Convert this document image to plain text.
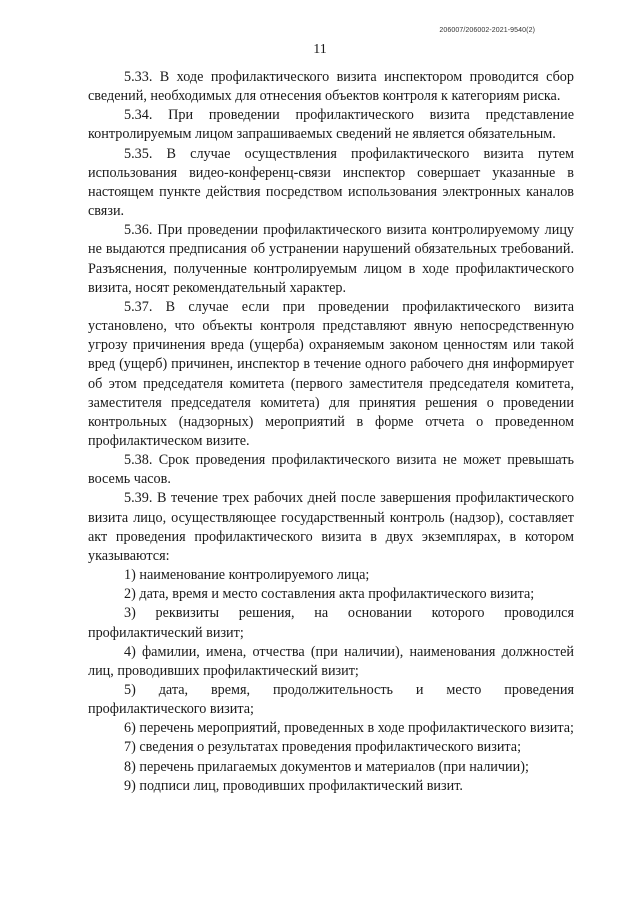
206007/206002-2021-9540(2)
11

5.33. В ходе профилактического визита инспектором проводится сбор сведений, необходимых для отнесения объектов контроля к категориям риска.

5.34. При проведении профилактического визита представление контролируемым лицом запрашиваемых сведений не является обязательным.

5.35. В случае осуществления профилактического визита путем использования видео-конференц-связи инспектор совершает указанные в настоящем пункте действия посредством использования электронных каналов связи.

5.36. При проведении профилактического визита контролируемому лицу не выдаются предписания об устранении нарушений обязательных требований. Разъяснения, полученные контролируемым лицом в ходе профилактического визита, носят рекомендательный характер.

5.37. В случае если при проведении профилактического визита установлено, что объекты контроля представляют явную непосредственную угрозу причинения вреда (ущерба) охраняемым законом ценностям или такой вред (ущерб) причинен, инспектор в течение одного рабочего дня информирует об этом председателя комитета (первого заместителя председателя комитета, заместителя председателя комитета) для принятия решения о проведении контрольных (надзорных) мероприятий в форме отчета о проведенном профилактическом визите.

5.38. Срок проведения профилактического визита не может превышать восемь часов.

5.39. В течение трех рабочих дней после завершения профилактического визита лицо, осуществляющее государственный контроль (надзор), составляет акт проведения профилактического визита в двух экземплярах, в котором указываются:

1) наименование контролируемого лица;

2) дата, время и место составления акта профилактического визита;

3) реквизиты решения, на основании которого проводился профилактический визит;

4) фамилии, имена, отчества (при наличии), наименования должностей лиц, проводивших профилактический визит;

5) дата, время, продолжительность и место проведения профилактического визита;

6) перечень мероприятий, проведенных в ходе профилактического визита;

7) сведения о результатах проведения профилактического визита;

8) перечень прилагаемых документов и материалов (при наличии);

9) подписи лиц, проводивших профилактический визит.
